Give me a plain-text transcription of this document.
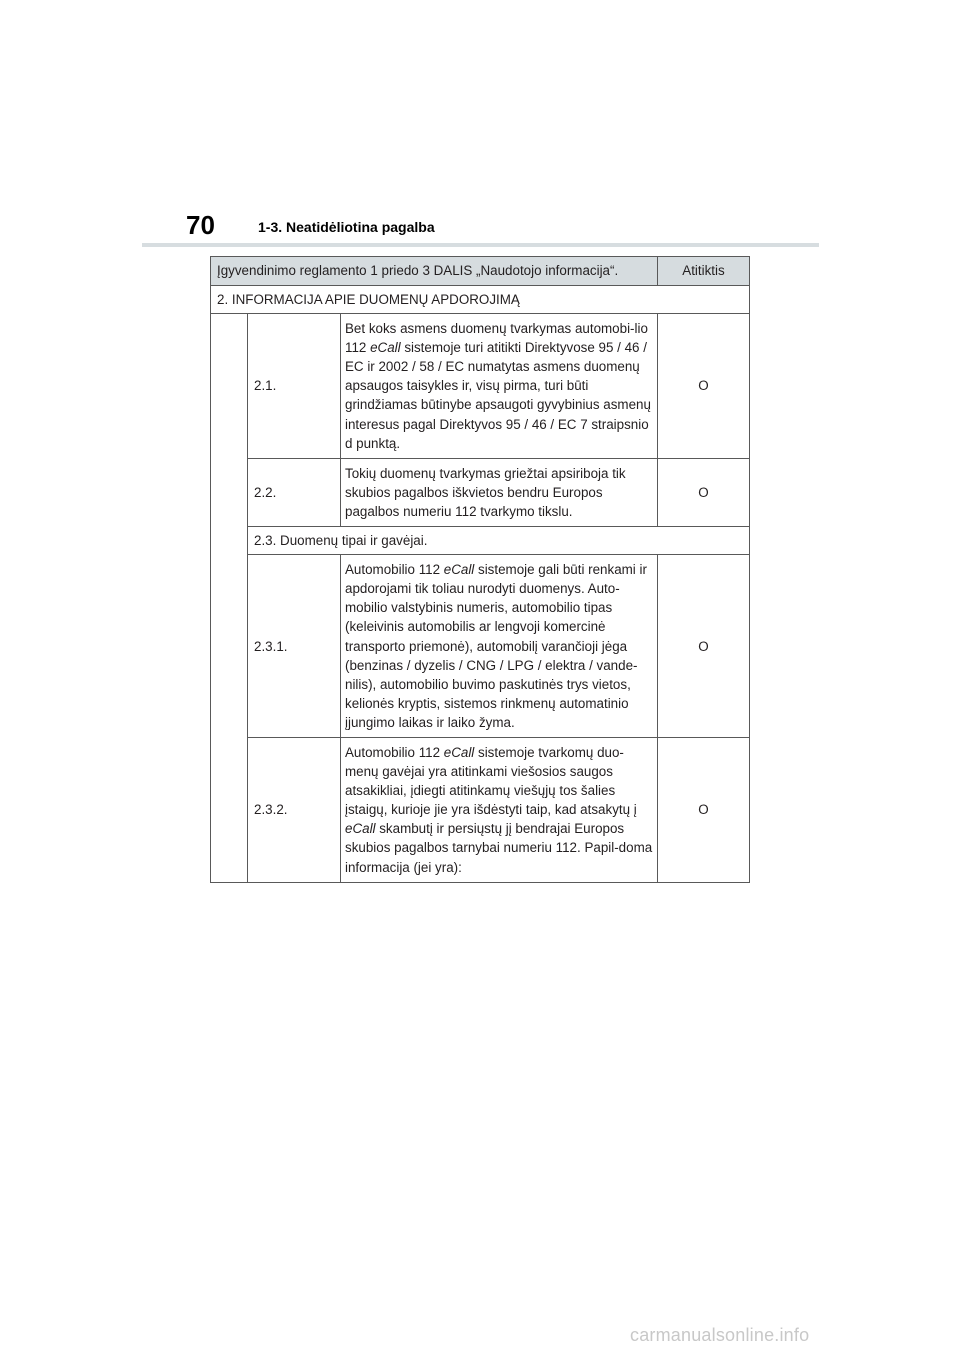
70	1-3. Neatidėliotina pagalba
Įgyvendinimo reglamento 1 priedo 3 DALIS „Naudotojo informacija“.			Atitiktis
2. INFORMACIJA APIE DUOMENŲ APDOROJIMĄ			
	2.1.	Bet koks asmens duomenų tvarkymas automobi-lio 112 eCall sistemoje turi atitikti Direktyvose 95 / 46 / EC ir 2002 / 58 / EC numatytas asmens duomenų apsaugos taisykles ir, visų pirma, turi būti grindžiamas būtinybe apsaugoti gyvybinius asmenų interesus pagal Direktyvos 95 / 46 / EC 7 straipsnio d punktą.	O
	2.2.	Tokių duomenų tvarkymas griežtai apsiriboja tik skubios pagalbos iškvietos bendru Europos pagalbos numeriu 112 tvarkymo tikslu.	O
	2.3. Duomenų tipai ir gavėjai.		
	2.3.1.	Automobilio 112 eCall sistemoje gali būti renkami ir apdorojami tik toliau nurodyti duomenys. Auto-mobilio valstybinis numeris, automobilio tipas (keleivinis automobilis ar lengvoji komercinė transporto priemonė), automobilį varančioji jėga (benzinas / dyzelis / CNG / LPG / elektra / vande-nilis), automobilio buvimo paskutinės trys vietos, kelionės kryptis, sistemos rinkmenų automatinio įjungimo laikas ir laiko žyma.	O
	2.3.2.	Automobilio 112 eCall sistemoje tvarkomų duo-menų gavėjai yra atitinkami viešosios saugos atsakikliai, įdiegti atitinkamų viešųjų tos šalies įstaigų, kurioje jie yra išdėstyti taip, kad atsakytų į eCall skambutį ir persiųstų jį bendrajai Europos skubios pagalbos tarnybai numeriu 112. Papil-doma informacija (jei yra):	O
carmanualsonline.info
